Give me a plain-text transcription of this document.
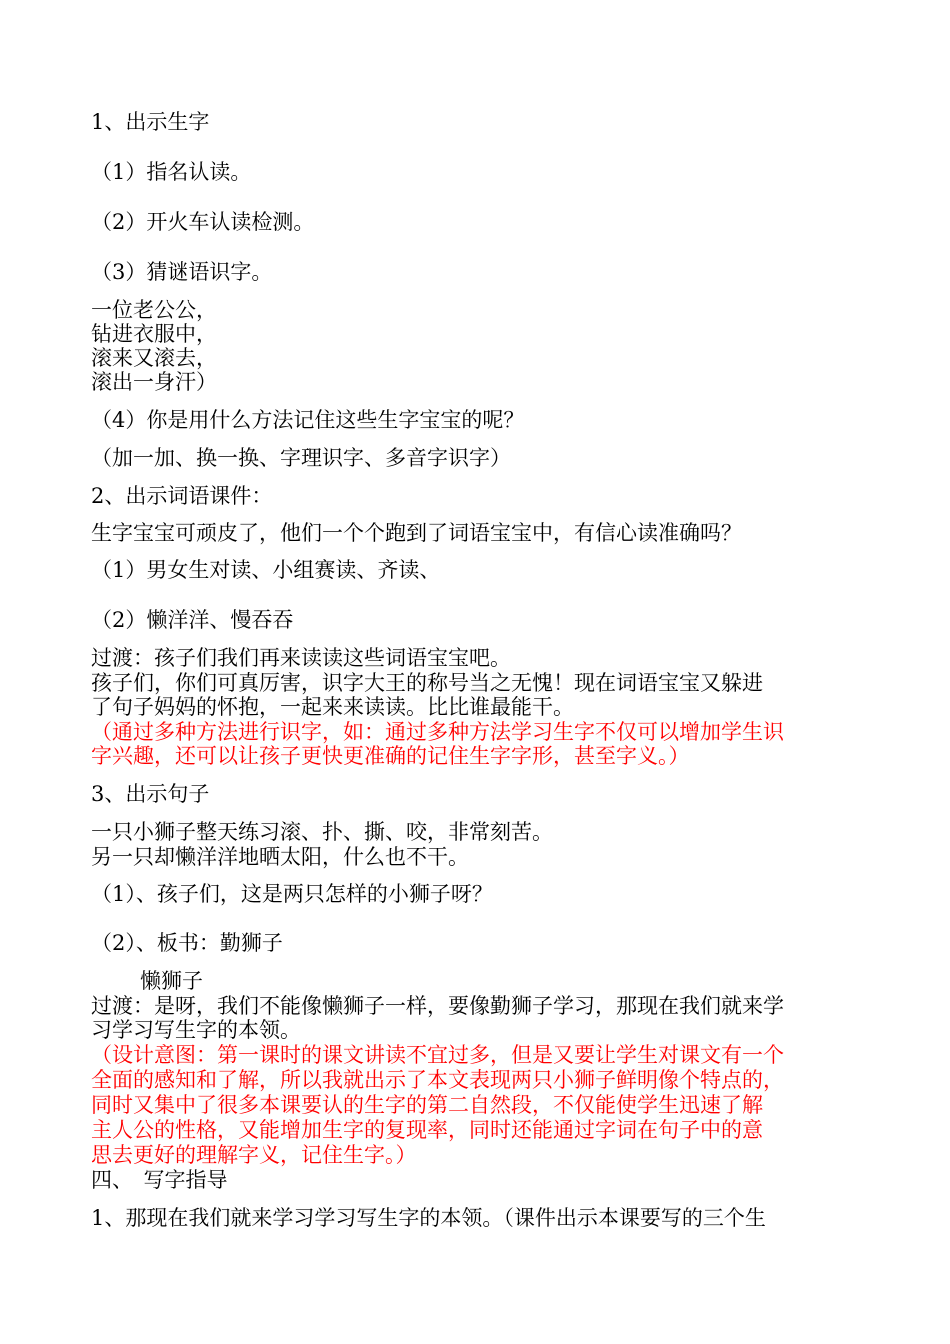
1、出示生字
（1）指名认读。
（2）开火车认读检测。
（3）猜谜语识字。
一位老公公，
钻进衣服中，
滚来又滚去，
滚出一身汗）
（4）你是用什么方法记住这些生字宝宝的呢？
（加一加、换一换、字理识字、多音字识字）
2、出示词语课件：
生字宝宝可顽皮了，他们一个个跑到了词语宝宝中，有信心读准确吗？
（1）男女生对读、小组赛读、齐读、
（2）懒洋洋、慢吞吞
过渡：孩子们我们再来读读这些词语宝宝吧。
孩子们，你们可真厉害，识字大王的称号当之无愧！现在词语宝宝又躲进
了句子妈妈的怀抱，一起来来读读。比比谁最能干。
（通过多种方法进行识字，如：通过多种方法学习生字不仅可以增加学生识
字兴趣，还可以让孩子更快更准确的记住生字字形，甚至字义。）
3、出示句子
一只小狮子整天练习滚、扑、撕、咬，非常刻苦。
另一只却懒洋洋地晒太阳，什么也不干。
（1）、孩子们，这是两只怎样的小狮子呀？
（2）、板书：勤狮子
懒狮子
过渡：是呀，我们不能像懒狮子一样，要像勤狮子学习，那现在我们就来学
习学习写生字的本领。
（设计意图：第一课时的课文讲读不宜过多，但是又要让学生对课文有一个
全面的感知和了解，所以我就出示了本文表现两只小狮子鲜明像个特点的，
同时又集中了很多本课要认的生字的第二自然段，不仅能使学生迅速了解
主人公的性格，又能增加生字的复现率，同时还能通过字词在句子中的意
思去更好的理解字义，记住生字。）
四、　写字指导
1、那现在我们就来学习学习写生字的本领。（课件出示本课要写的三个生
